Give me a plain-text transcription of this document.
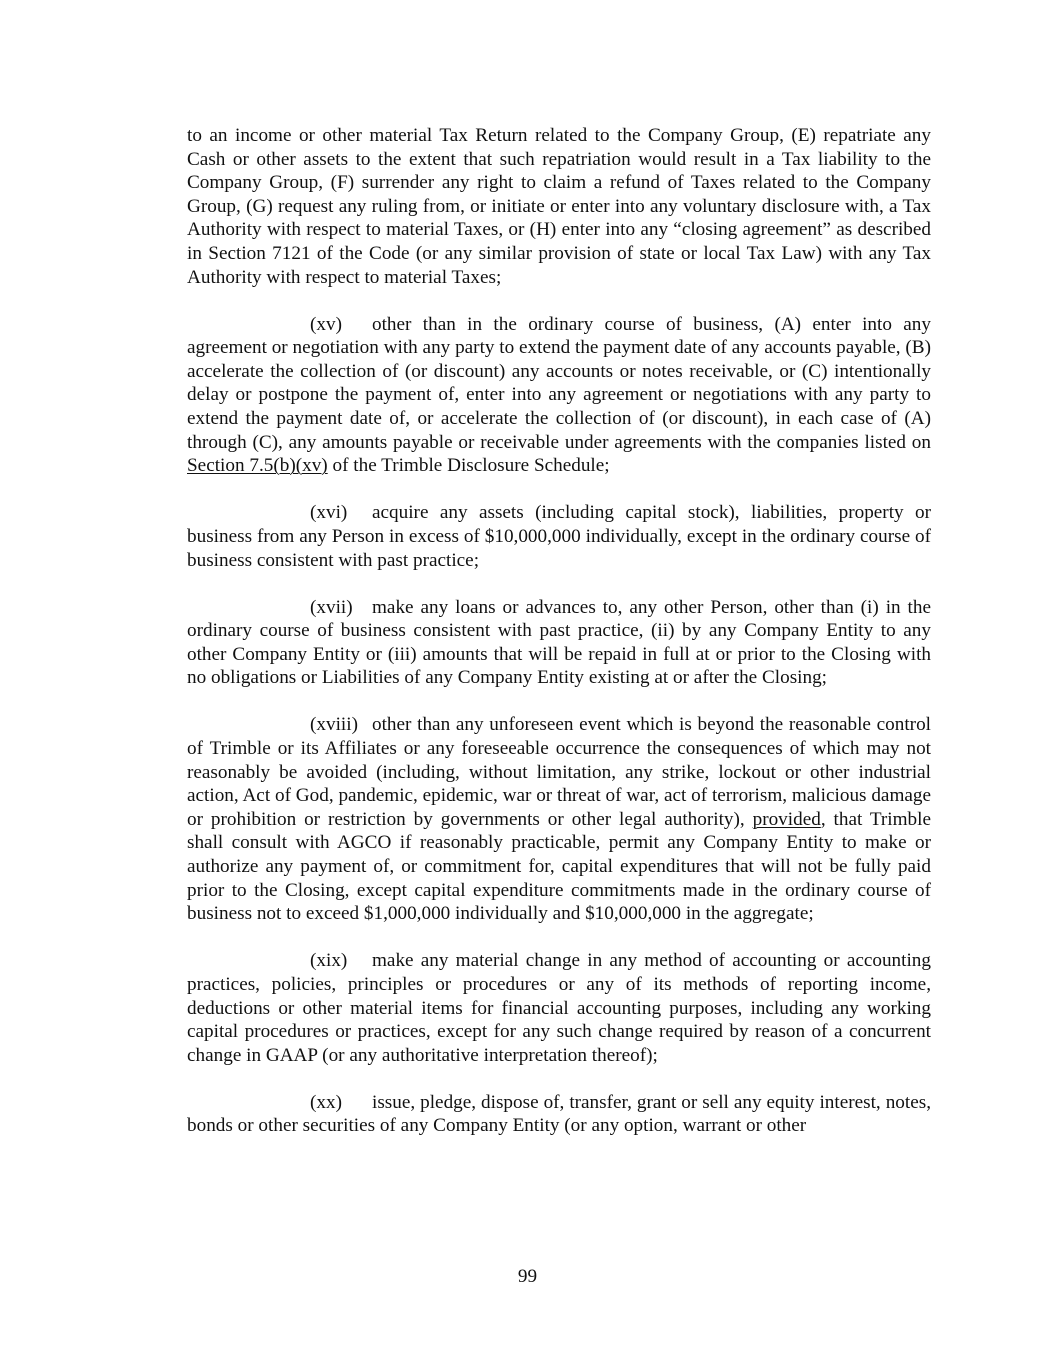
to an income or other material Tax Return related to the Company Group, (E) repatriate any Cash or other assets to the extent that such repatriation would result in a Tax liability to the Company Group, (F) surrender any right to claim a refund of Taxes related to the Company Group, (G) request any ruling from, or initiate or enter into any voluntary disclosure with, a Tax Authority with respect to material Taxes, or (H) enter into any “closing agreement” as described in Section 7121 of the Code (or any similar provision of state or local Tax Law) with any Tax Authority with respect to material Taxes;

(xv) other than in the ordinary course of business, (A) enter into any agreement or negotiation with any party to extend the payment date of any accounts payable, (B) accelerate the collection of (or discount) any accounts or notes receivable, or (C) intentionally delay or postpone the payment of, enter into any agreement or negotiations with any party to extend the payment date of, or accelerate the collection of (or discount), in each case of (A) through (C), any amounts payable or receivable under agreements with the companies listed on Section 7.5(b)(xv) of the Trimble Disclosure Schedule;

(xvi) acquire any assets (including capital stock), liabilities, property or business from any Person in excess of $10,000,000 individually, except in the ordinary course of business consistent with past practice;

(xvii) make any loans or advances to, any other Person, other than (i) in the ordinary course of business consistent with past practice, (ii) by any Company Entity to any other Company Entity or (iii) amounts that will be repaid in full at or prior to the Closing with no obligations or Liabilities of any Company Entity existing at or after the Closing;

(xviii) other than any unforeseen event which is beyond the reasonable control of Trimble or its Affiliates or any foreseeable occurrence the consequences of which may not reasonably be avoided (including, without limitation, any strike, lockout or other industrial action, Act of God, pandemic, epidemic, war or threat of war, act of terrorism, malicious damage or prohibition or restriction by governments or other legal authority), provided, that Trimble shall consult with AGCO if reasonably practicable, permit any Company Entity to make or authorize any payment of, or commitment for, capital expenditures that will not be fully paid prior to the Closing, except capital expenditure commitments made in the ordinary course of business not to exceed $1,000,000 individually and $10,000,000 in the aggregate;

(xix) make any material change in any method of accounting or accounting practices, policies, principles or procedures or any of its methods of reporting income, deductions or other material items for financial accounting purposes, including any working capital procedures or practices, except for any such change required by reason of a concurrent change in GAAP (or any authoritative interpretation thereof);

(xx) issue, pledge, dispose of, transfer, grant or sell any equity interest, notes, bonds or other securities of any Company Entity (or any option, warrant or other

99
